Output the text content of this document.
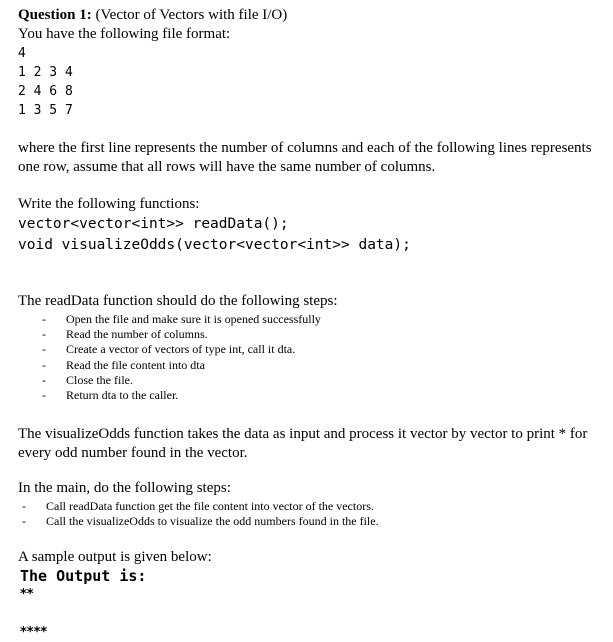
Question 1: (Vector of Vectors with file I/O)

You have the following file format:

4
1 2 3 4
2 4 6 8
1 3 5 7

where the first line represents the number of columns and each of the following lines represents one row, assume that all rows will have the same number of columns.

Write the following functions:

vector<vector<int>> readData();
void visualizeOdds(vector<vector<int>> data);

The readData function should do the following steps:

- Open the file and make sure it is opened successfully
- Read the number of columns.
- Create a vector of vectors of type int, call it dta.
- Read the file content into dta
- Close the file.
- Return dta to the caller.

The visualizeOdds function takes the data as input and process it vector by vector to print * for every odd number found in the vector.

In the main, do the following steps:

- Call readData function get the file content into vector of the vectors.
- Call the visualizeOdds to visualize the odd numbers found in the file.

A sample output is given below:

The Output is:
**
****
